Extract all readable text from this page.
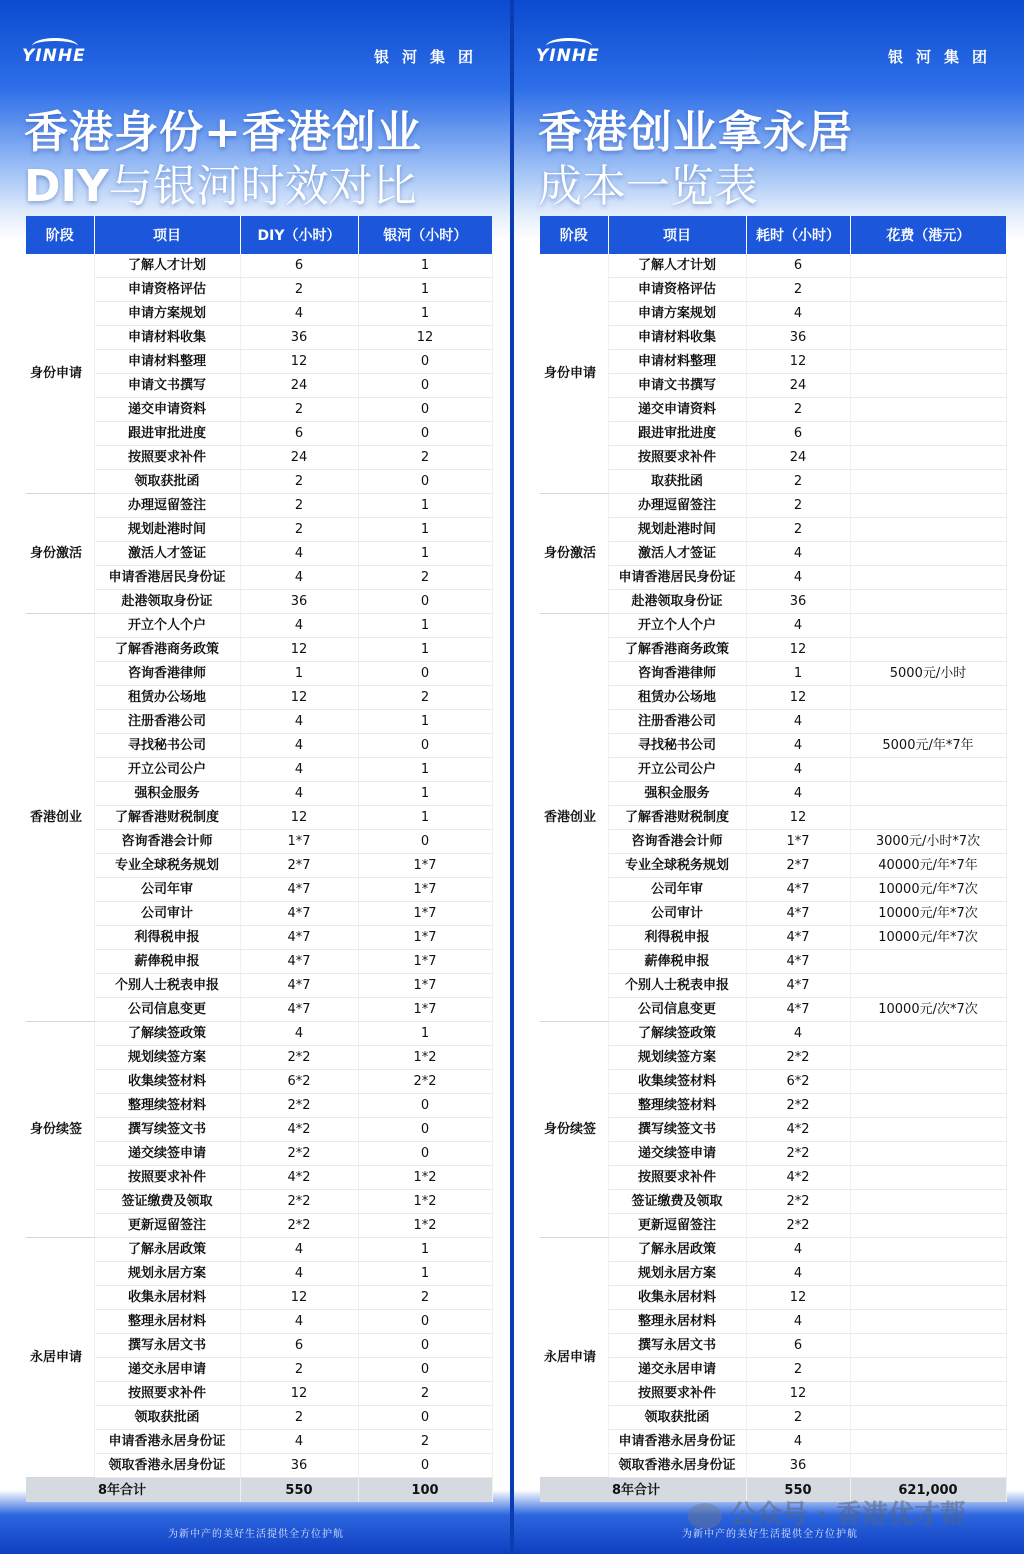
YINHE	银河集团
香港身份+香港创业
DIY与银河时效对比
阶段	项目	DIY（小时）	银河（小时）
身份申请	了解人才计划	6	1
	申请资格评估	2	1
	申请方案规划	4	1
	申请材料收集	36	12
	申请材料整理	12	0
	申请文书撰写	24	0
	递交申请资料	2	0
	跟进审批进度	6	0
	按照要求补件	24	2
	领取获批函	2	0
身份激活	办理逗留签注	2	1
	规划赴港时间	2	1
	激活人才签证	4	1
	申请香港居民身份证	4	2
	赴港领取身份证	36	0
香港创业	开立个人个户	4	1
	了解香港商务政策	12	1
	咨询香港律师	1	0
	租赁办公场地	12	2
	注册香港公司	4	1
	寻找秘书公司	4	0
	开立公司公户	4	1
	强积金服务	4	1
	了解香港财税制度	12	1
	咨询香港会计师	1*7	0
	专业全球税务规划	2*7	1*7
	公司年审	4*7	1*7
	公司审计	4*7	1*7
	利得税申报	4*7	1*7
	薪俸税申报	4*7	1*7
	个别人士税表申报	4*7	1*7
	公司信息变更	4*7	1*7
身份续签	了解续签政策	4	1
	规划续签方案	2*2	1*2
	收集续签材料	6*2	2*2
	整理续签材料	2*2	0
	撰写续签文书	4*2	0
	递交续签申请	2*2	0
	按照要求补件	4*2	1*2
	签证缴费及领取	2*2	1*2
	更新逗留签注	2*2	1*2
永居申请	了解永居政策	4	1
	规划永居方案	4	1
	收集永居材料	12	2
	整理永居材料	4	0
	撰写永居文书	6	0
	递交永居申请	2	0
	按照要求补件	12	2
	领取获批函	2	0
	申请香港永居身份证	4	2
	领取香港永居身份证	36	0
8年合计		550	100
为新中产的美好生活提供全方位护航
YINHE	银河集团
香港创业拿永居
成本一览表
阶段	项目	耗时（小时）	花费（港元）
身份申请	了解人才计划	6	
	申请资格评估	2	
	申请方案规划	4	
	申请材料收集	36	
	申请材料整理	12	
	申请文书撰写	24	
	递交申请资料	2	
	跟进审批进度	6	
	按照要求补件	24	
	取获批函	2	
身份激活	办理逗留签注	2	
	规划赴港时间	2	
	激活人才签证	4	
	申请香港居民身份证	4	
	赴港领取身份证	36	
香港创业	开立个人个户	4	
	了解香港商务政策	12	
	咨询香港律师	1	5000元/小时
	租赁办公场地	12	
	注册香港公司	4	
	寻找秘书公司	4	5000元/年*7年
	开立公司公户	4	
	强积金服务	4	
	了解香港财税制度	12	
	咨询香港会计师	1*7	3000元/小时*7次
	专业全球税务规划	2*7	40000元/年*7年
	公司年审	4*7	10000元/年*7次
	公司审计	4*7	10000元/年*7次
	利得税申报	4*7	10000元/年*7次
	薪俸税申报	4*7	
	个别人士税表申报	4*7	
	公司信息变更	4*7	10000元/次*7次
身份续签	了解续签政策	4	
	规划续签方案	2*2	
	收集续签材料	6*2	
	整理续签材料	2*2	
	撰写续签文书	4*2	
	递交续签申请	2*2	
	按照要求补件	4*2	
	签证缴费及领取	2*2	
	更新逗留签注	2*2	
永居申请	了解永居政策	4	
	规划永居方案	4	
	收集永居材料	12	
	整理永居材料	4	
	撰写永居文书	6	
	递交永居申请	2	
	按照要求补件	12	
	领取获批函	2	
	申请香港永居身份证	4	
	领取香港永居身份证	36	
8年合计		550	621,000
为新中产的美好生活提供全方位护航
公众号 · 香港优才帮
